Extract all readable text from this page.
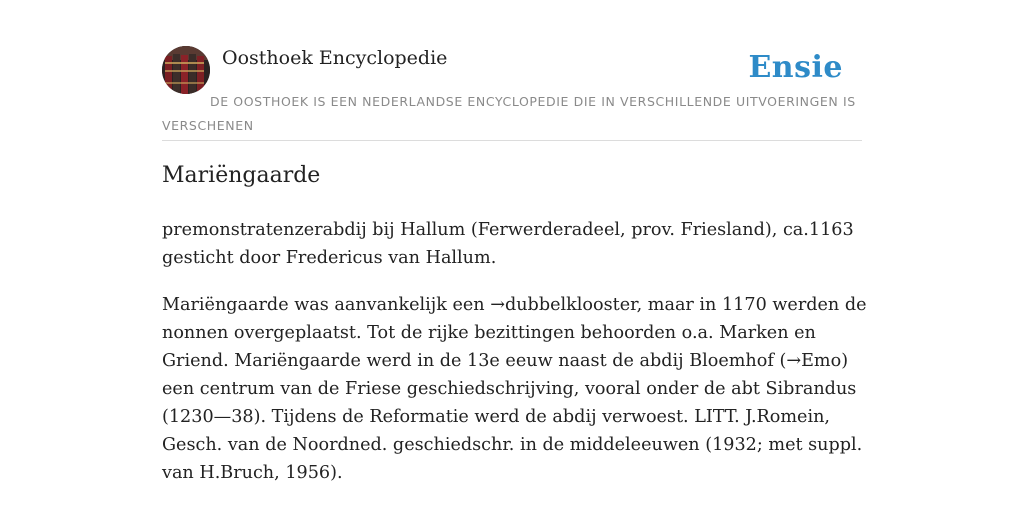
Oosthoek Encyclopedie	Ensie
DE OOSTHOEK IS EEN NEDERLANDSE ENCYCLOPEDIE DIE IN VERSCHILLENDE UITVOERINGEN IS VERSCHENEN
Mariëngaarde

premonstratenzerabdij bij Hallum (Ferwerderadeel, prov. Friesland), ca.1163 gesticht door Fredericus van Hallum.

Mariëngaarde was aanvankelijk een →dubbelklooster, maar in 1170 werden de nonnen overgeplaatst. Tot de rijke bezittingen behoorden o.a. Marken en Griend. Mariëngaarde werd in de 13e eeuw naast de abdij Bloemhof (→Emo) een centrum van de Friese geschiedschrijving, vooral onder de abt Sibrandus (1230—38). Tijdens de Reformatie werd de abdij verwoest. LITT. J.Romein, Gesch. van de Noordned. geschiedschr. in de middeleeuwen (1932; met suppl. van H.Bruch, 1956).
